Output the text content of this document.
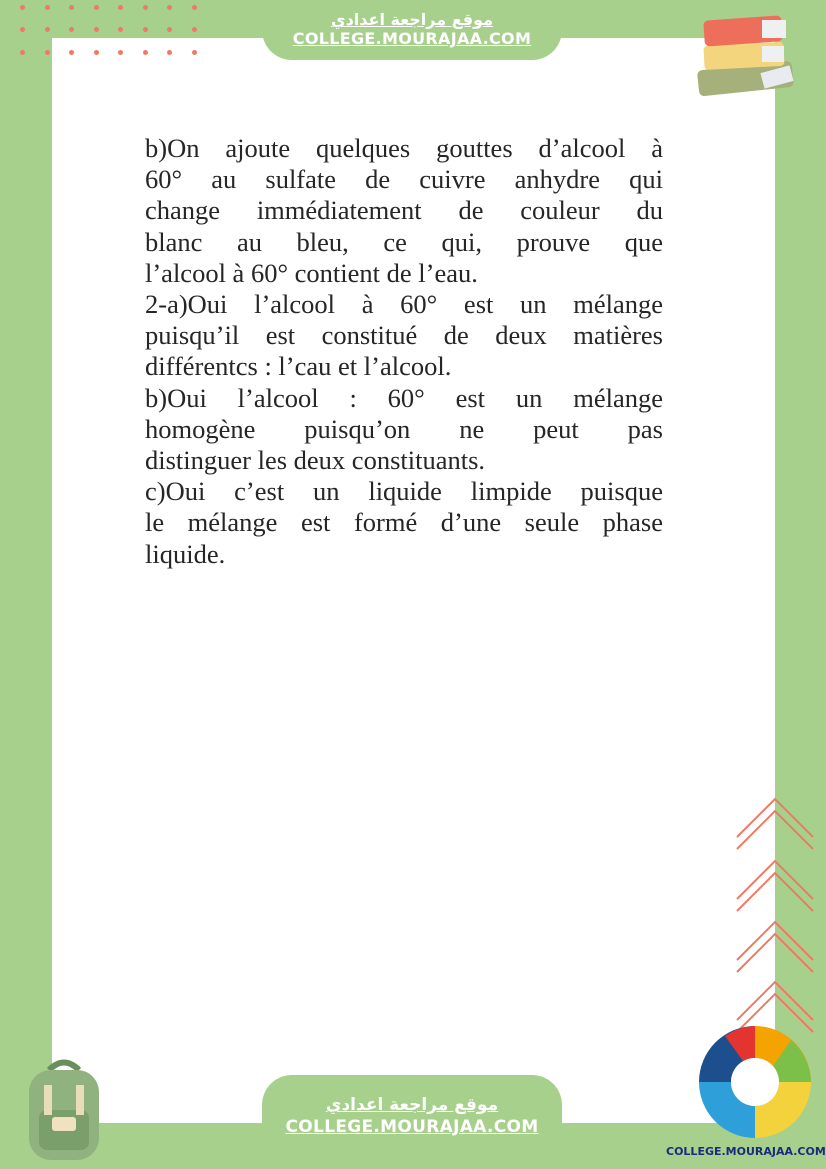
موقع مراجعة اعدادي
COLLEGE.MOURAJAA.COM
b)On ajoute quelques gouttes d’alcool à
60° au sulfate de cuivre anhydre qui
change immédiatement de couleur du
blanc au bleu, ce qui, prouve que
l’alcool à 60° contient de l’eau.
2-a)Oui l’alcool à 60° est un mélange
puisqu’il est constitué de deux matières
différentcs : l’cau et l’alcool.
b)Oui l’alcool : 60° est un mélange
homogène puisqu’on ne peut pas
distinguer les deux constituants.
c)Oui c’est un liquide limpide puisque
le mélange est formé d’une seule phase
liquide.
COLLEGE.MOURAJAA.COM
موقع مراجعة اعدادي
COLLEGE.MOURAJAA.COM
